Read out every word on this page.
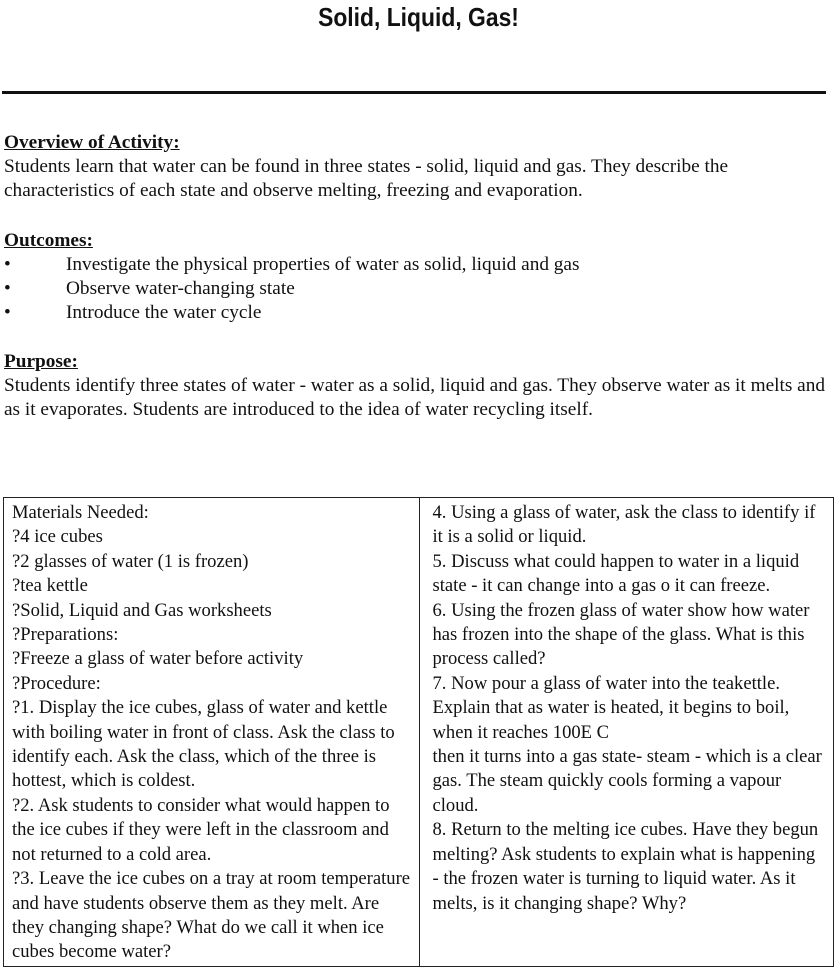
Solid, Liquid, Gas!
Overview of Activity:

Students learn that water can be found in three states - solid, liquid and gas. They describe the characteristics of each state and observe melting, freezing and evaporation.

Outcomes:
• Investigate the physical properties of water as solid, liquid and gas
• Observe water-changing state
• Introduce the water cycle
Purpose:

Students identify three states of water - water as a solid, liquid and gas. They observe water as it melts and as it evaporates. Students are introduced to the idea of water recycling itself.

Materials Needed:

?4 ice cubes

?2 glasses of water (1 is frozen)

?tea kettle

?Solid, Liquid and Gas worksheets

?Preparations:

?Freeze a glass of water before activity

?Procedure:

?1. Display the ice cubes, glass of water and kettle with boiling water in front of class. Ask the class to identify each. Ask the class, which of the three is hottest, which is coldest.

?2. Ask students to consider what would happen to the ice cubes if they were left in the classroom and not returned to a cold area.

?3. Leave the ice cubes on a tray at room temperature and have students observe them as they melt. Are they changing shape? What do we call it when ice cubes become water?

4. Using a glass of water, ask the class to identify if it is a solid or liquid.

5. Discuss what could happen to water in a liquid state - it can change into a gas o it can freeze.

6. Using the frozen glass of water show how water has frozen into the shape of the glass. What is this process called?

7. Now pour a glass of water into the teakettle. Explain that as water is heated, it begins to boil, when it reaches 100E C

then it turns into a gas state- steam - which is a clear gas. The steam quickly cools forming a vapour cloud.

8. Return to the melting ice cubes. Have they begun melting? Ask students to explain what is happening - the frozen water is turning to liquid water. As it melts, is it changing shape? Why?
